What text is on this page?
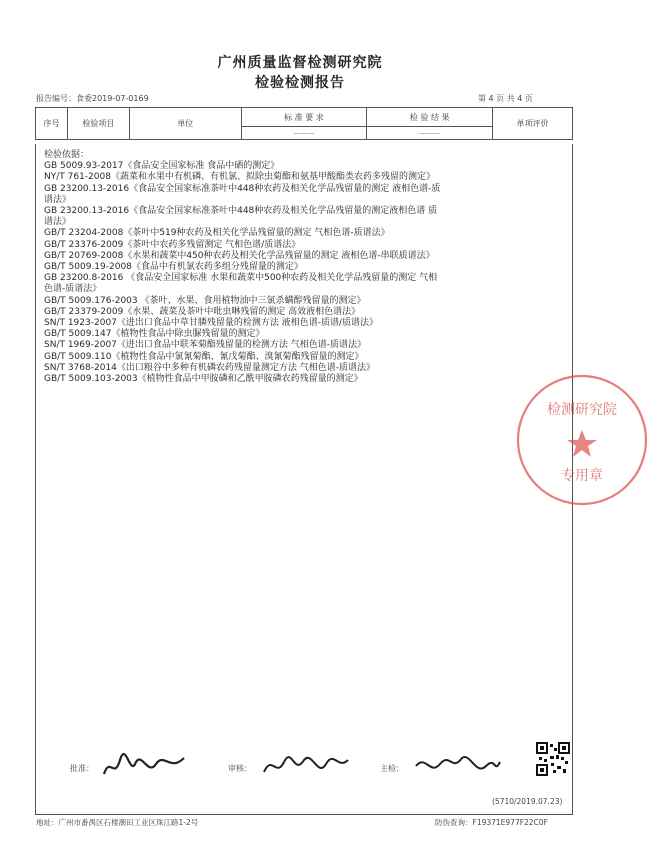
广州质量监督检测研究院
检验检测报告
报告编号：食委2019-07-0169	第 4 页 共 4 页
序号	检验项目	单位	标 准 要 求	检 验 结 果	单项评价
			———	———	
检验依据：
GB 5009.93-2017《食品安全国家标准 食品中硒的测定》
NY/T 761-2008《蔬菜和水果中有机磷、有机氯、拟除虫菊酯和氨基甲酸酯类农药多残留的测定》
GB 23200.13-2016《食品安全国家标准茶叶中448种农药及相关化学品残留量的测定 液相色谱-质
谱法》
GB 23200.13-2016《食品安全国家标准茶叶中448种农药及相关化学品残留量的测定液相色谱 质
谱法》
GB/T 23204-2008《茶叶中519种农药及相关化学品残留量的测定 气相色谱-质谱法》
GB/T 23376-2009《茶叶中农药多残留测定 气相色谱/质谱法》
GB/T 20769-2008《水果和蔬菜中450种农药及相关化学品残留量的测定 液相色谱-串联质谱法》
GB/T 5009.19-2008《食品中有机氯农药多组分残留量的测定》
GB 23200.8-2016 《食品安全国家标准 水果和蔬菜中500种农药及相关化学品残留量的测定 气相
色谱-质谱法》
GB/T 5009.176-2003 《茶叶、水果、食用植物油中三氯杀螨醇残留量的测定》
GB/T 23379-2009《水果、蔬菜及茶叶中吡虫啉残留的测定 高效液相色谱法》
SN/T 1923-2007《进出口食品中草甘膦残留量的检测方法 液相色谱-质谱/质谱法》
GB/T 5009.147《植物性食品中除虫脲残留量的测定》
SN/T 1969-2007《进出口食品中联苯菊酯残留量的检测方法 气相色谱-质谱法》
GB/T 5009.110《植物性食品中氯氰菊酯、氰戊菊酯、溴氰菊酯残留量的测定》
SN/T 3768-2014《出口粮谷中多种有机磷农药残留量测定方法 气相色谱-质谱法》
GB/T 5009.103-2003《植物性食品中甲胺磷和乙酰甲胺磷农药残留量的测定》
检测研究院
专用章
批准：	审核：	主检：
(5710/2019.07.23)
地址：广州市番禺区石楼潮田工业区珠江路1-2号	防伪查询：F19371E977F22C0F
